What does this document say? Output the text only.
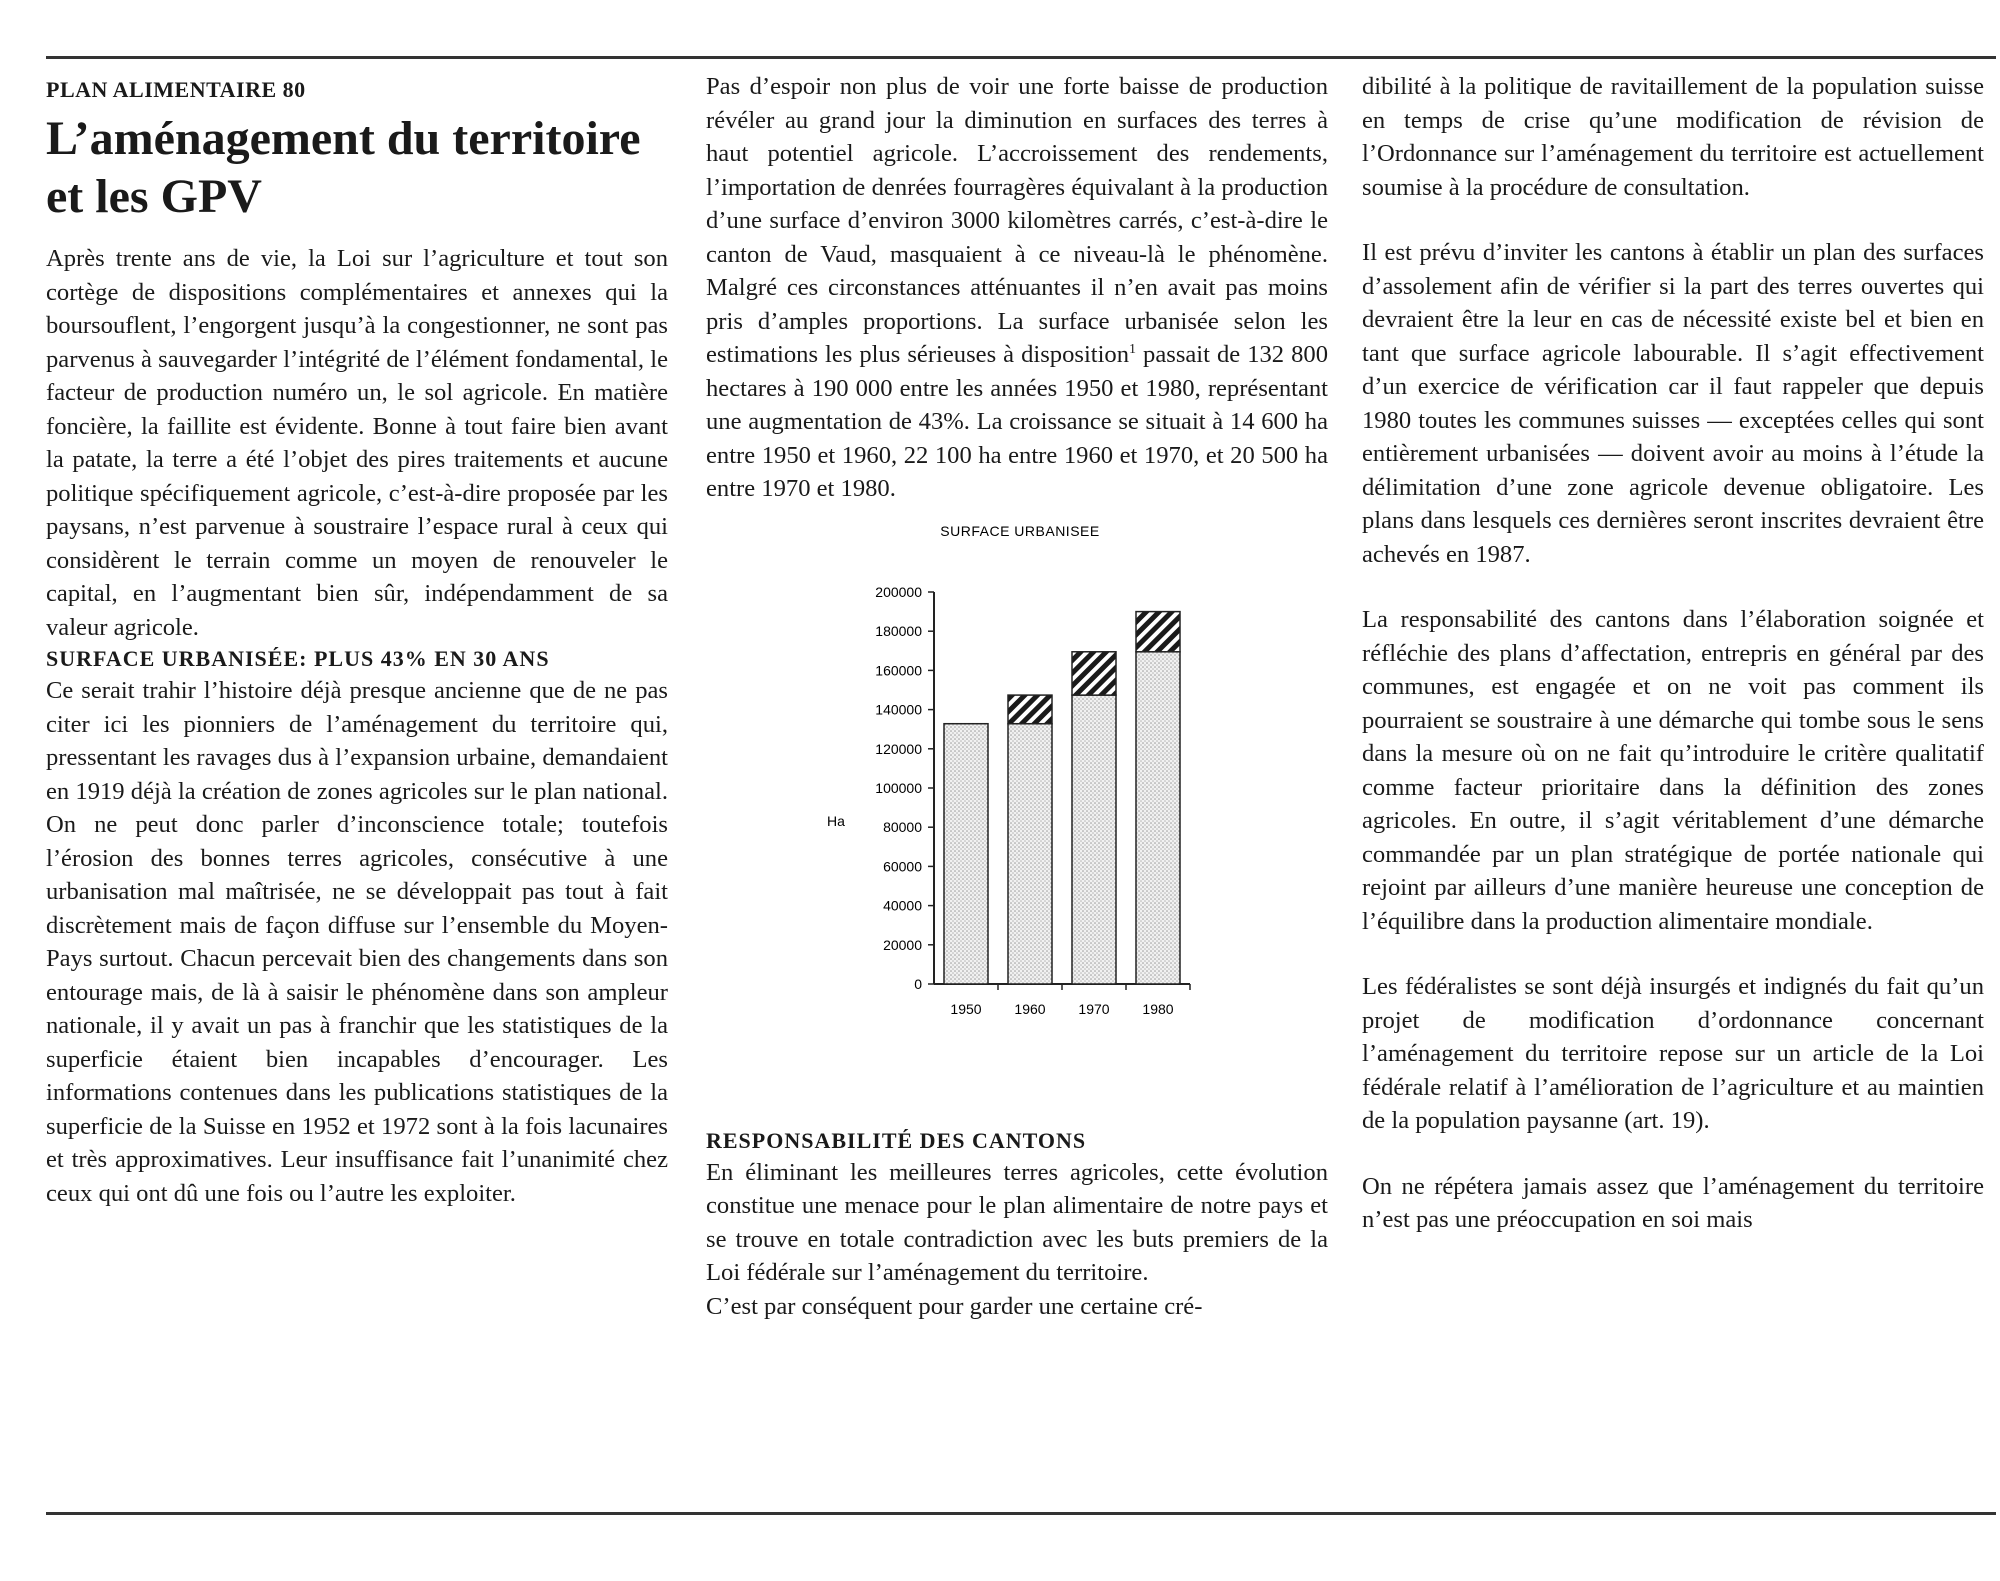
PLAN ALIMENTAIRE 80

L’aménagement du territoire
et les GPV

Après trente ans de vie, la Loi sur l’agriculture et tout son cortège de dispositions complémentaires et annexes qui la boursouflent, l’engorgent jusqu’à la congestionner, ne sont pas parvenus à sauvegarder l’intégrité de l’élément fondamental, le facteur de production numéro un, le sol agricole. En matière foncière, la faillite est évidente. Bonne à tout faire bien avant la patate, la terre a été l’objet des pires traitements et aucune politique spécifiquement agricole, c’est-à-dire proposée par les paysans, n’est parvenue à soustraire l’espace rural à ceux qui considèrent le terrain comme un moyen de renouveler le capital, en l’augmentant bien sûr, indépendamment de sa valeur agricole.

SURFACE URBANISÉE: PLUS 43% EN 30 ANS

Ce serait trahir l’histoire déjà presque ancienne que de ne pas citer ici les pionniers de l’aménagement du territoire qui, pressentant les ravages dus à l’expansion urbaine, demandaient en 1919 déjà la création de zones agricoles sur le plan national. On ne peut donc parler d’inconscience totale; toutefois l’érosion des bonnes terres agricoles, consécutive à une urbanisation mal maîtrisée, ne se développait pas tout à fait discrètement mais de façon diffuse sur l’ensemble du Moyen-Pays surtout. Chacun percevait bien des changements dans son entourage mais, de là à saisir le phénomène dans son ampleur nationale, il y avait un pas à franchir que les statistiques de la superficie étaient bien incapables d’encourager. Les informations contenues dans les publications statistiques de la superficie de la Suisse en 1952 et 1972 sont à la fois lacunaires et très approximatives. Leur insuffisance fait l’unanimité chez ceux qui ont dû une fois ou l’autre les exploiter.

Pas d’espoir non plus de voir une forte baisse de production révéler au grand jour la diminution en surfaces des terres à haut potentiel agricole. L’accroissement des rendements, l’importation de denrées fourragères équivalant à la production d’une surface d’environ 3000 kilomètres carrés, c’est-à-dire le canton de Vaud, masquaient à ce niveau-là le phénomène. Malgré ces circonstances atténuantes il n’en avait pas moins pris d’amples proportions. La surface urbanisée selon les estimations les plus sérieuses à disposition$^1$ passait de 132 800 hectares à 190 000 entre les années 1950 et 1980, représentant une augmentation de 43%. La croissance se situait à 14 600 ha entre 1950 et 1960, 22 100 ha entre 1960 et 1970, et 20 500 ha entre 1970 et 1980.

SURFACE URBANISEE
Ha
0
20000
40000
60000
80000
100000
120000
140000
160000
180000
200000
1950 1960 1970 1980

RESPONSABILITÉ DES CANTONS

En éliminant les meilleures terres agricoles, cette évolution constitue une menace pour le plan alimentaire de notre pays et se trouve en totale contradiction avec les buts premiers de la Loi fédérale sur l’aménagement du territoire.

C’est par conséquent pour garder une certaine cré-

dibilité à la politique de ravitaillement de la population suisse en temps de crise qu’une modification de révision de l’Ordonnance sur l’aménagement du territoire est actuellement soumise à la procédure de consultation.

Il est prévu d’inviter les cantons à établir un plan des surfaces d’assolement afin de vérifier si la part des terres ouvertes qui devraient être la leur en cas de nécessité existe bel et bien en tant que surface agricole labourable. Il s’agit effectivement d’un exercice de vérification car il faut rappeler que depuis 1980 toutes les communes suisses — exceptées celles qui sont entièrement urbanisées — doivent avoir au moins à l’étude la délimitation d’une zone agricole devenue obligatoire. Les plans dans lesquels ces dernières seront inscrites devraient être achevés en 1987.

La responsabilité des cantons dans l’élaboration soignée et réfléchie des plans d’affectation, entrepris en général par des communes, est engagée et on ne voit pas comment ils pourraient se soustraire à une démarche qui tombe sous le sens dans la mesure où on ne fait qu’introduire le critère qualitatif comme facteur prioritaire dans la définition des zones agricoles. En outre, il s’agit véritablement d’une démarche commandée par un plan stratégique de portée nationale qui rejoint par ailleurs d’une manière heureuse une conception de l’équilibre dans la production alimentaire mondiale.

Les fédéralistes se sont déjà insurgés et indignés du fait qu’un projet de modification d’ordonnance concernant l’aménagement du territoire repose sur un article de la Loi fédérale relatif à l’amélioration de l’agriculture et au maintien de la population paysanne (art. 19).

On ne répétera jamais assez que l’aménagement du territoire n’est pas une préoccupation en soi mais
